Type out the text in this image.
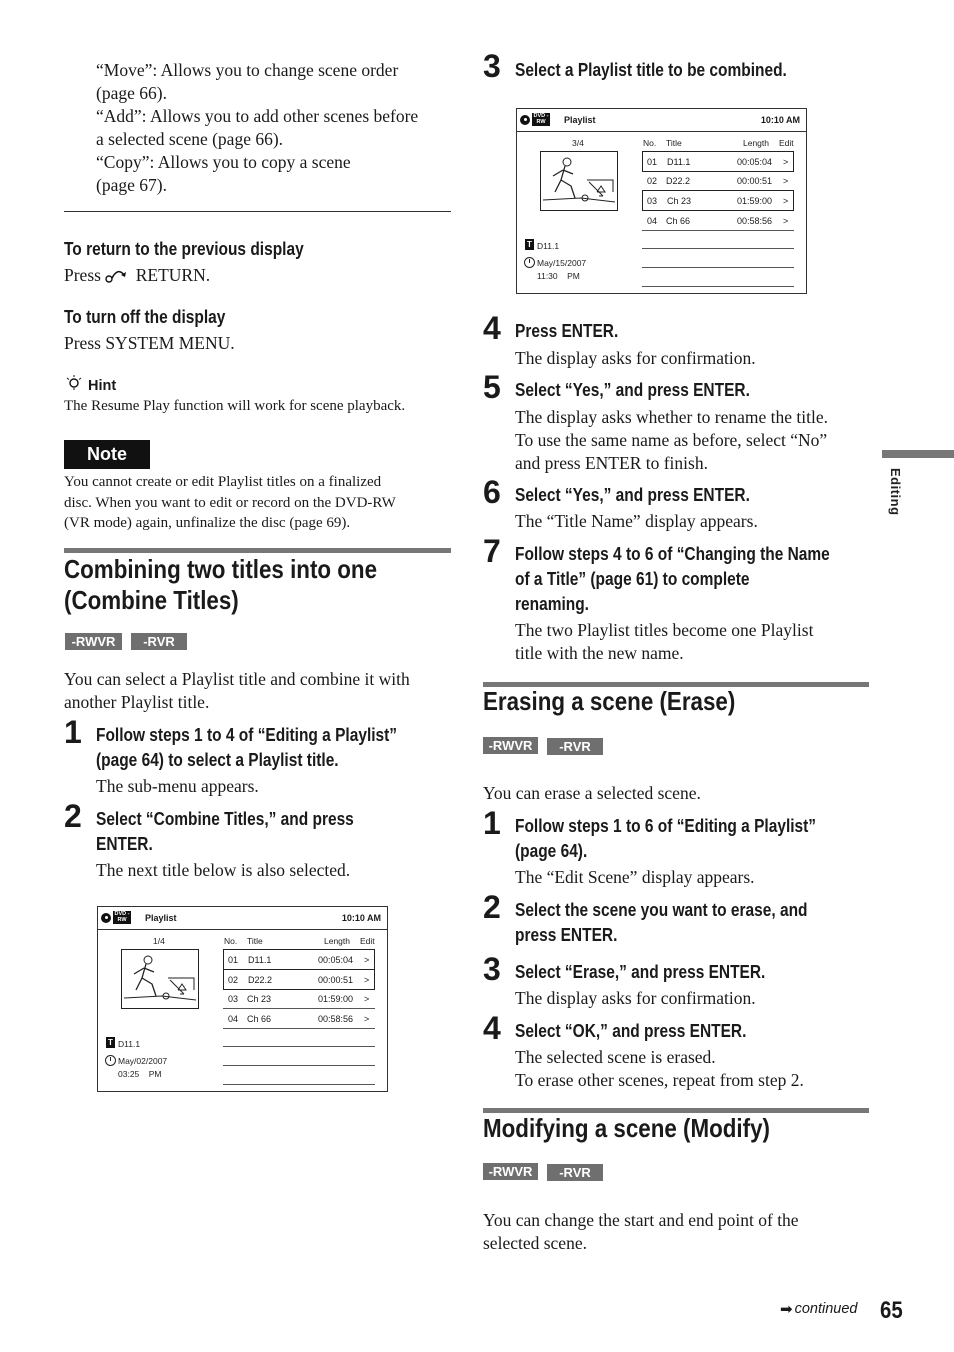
“Move”: Allows you to change scene order
(page 66).
“Add”: Allows you to add other scenes before
a selected scene (page 66).
“Copy”: Allows you to copy a scene
(page 67).
To return to the previous display
Press  RETURN.
To turn off the display
Press SYSTEM MENU.
Hint
The Resume Play function will work for scene playback.
Note
You cannot create or edit Playlist titles on a finalized
disc. When you want to edit or record on the DVD-RW
(VR mode) again, unfinalize the disc (page 69).
Combining two titles into one
(Combine Titles)
-RWVR	-RVR
You can select a Playlist title and combine it with
another Playlist title.
1 Follow steps 1 to 4 of “Editing a Playlist”
(page 64) to select a Playlist title.
The sub-menu appears.
2 Select “Combine Titles,” and press
ENTER.
The next title below is also selected.
DVD -RW	Playlist	10:10 AM
1/4	No. Title	Length Edit
01 D11.1	00:05:04 >
02 D22.2	00:00:51 >
03 Ch 23	01:59:00 >
04 Ch 66	00:58:56 >
T D11.1
May/02/2007
03:25    PM
3 Select a Playlist title to be combined.
DVD -RW	Playlist	10:10 AM
3/4	No. Title	Length Edit
01 D11.1	00:05:04 >
02 D22.2	00:00:51 >
03 Ch 23	01:59:00 >
04 Ch 66	00:58:56 >
T D11.1
May/15/2007
11:30    PM
4 Press ENTER.
The display asks for confirmation.
5 Select “Yes,” and press ENTER.
The display asks whether to rename the title.
To use the same name as before, select “No”
and press ENTER to finish.
6 Select “Yes,” and press ENTER.
The “Title Name” display appears.
7 Follow steps 4 to 6 of “Changing the Name
of a Title” (page 61) to complete
renaming.
The two Playlist titles become one Playlist
title with the new name.
Erasing a scene (Erase)
-RWVR	-RVR
You can erase a selected scene.
1 Follow steps 1 to 6 of “Editing a Playlist”
(page 64).
The “Edit Scene” display appears.
2 Select the scene you want to erase, and
press ENTER.
3 Select “Erase,” and press ENTER.
The display asks for confirmation.
4 Select “OK,” and press ENTER.
The selected scene is erased.
To erase other scenes, repeat from step 2.
Modifying a scene (Modify)
-RWVR	-RVR
You can change the start and end point of the
selected scene.
Editing
➡ continued 65
